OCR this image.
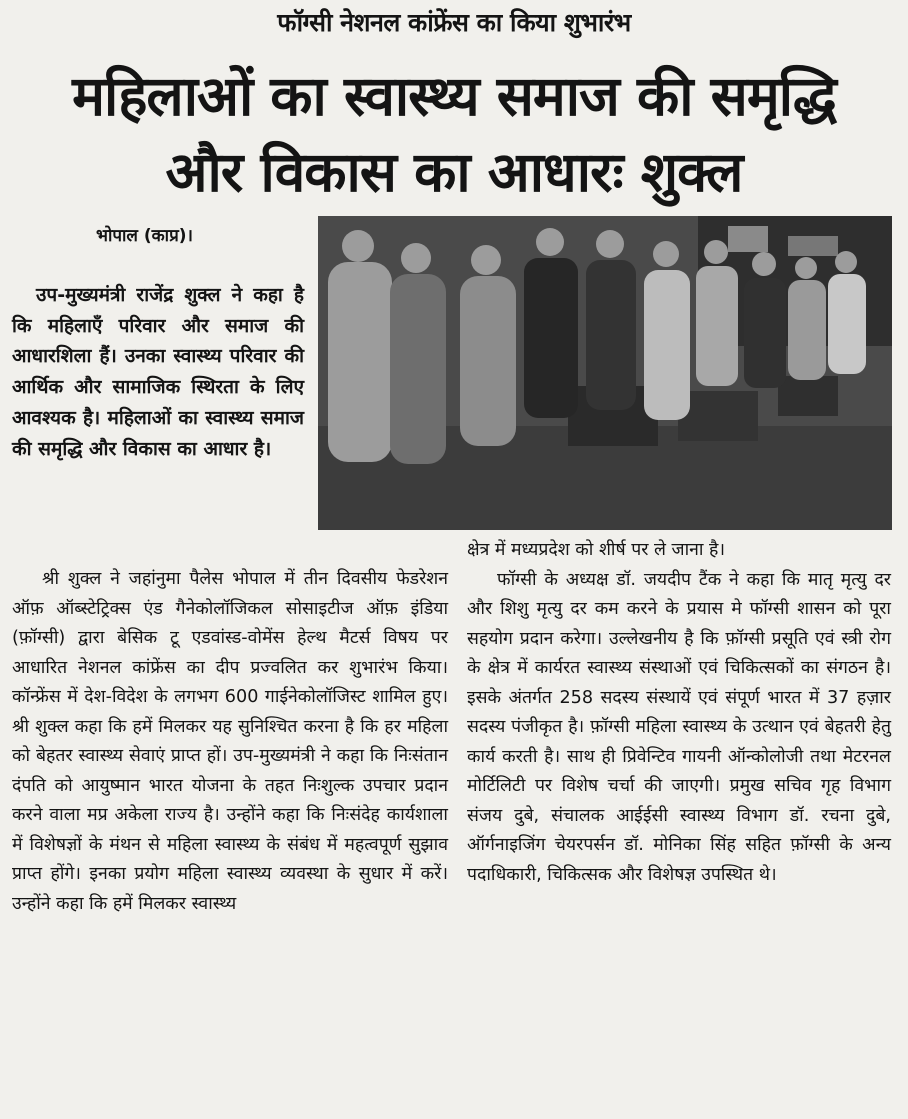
फॉग्सी नेशनल कांफ्रेंस का किया शुभारंभ
महिलाओं का स्वास्थ्य समाज की समृद्धि
और विकास का आधारः शुक्ल
भोपाल (काप्र)।

उप-मुख्यमंत्री राजेंद्र शुक्ल ने कहा है कि महिलाएँ परिवार और समाज की आधारशिला हैं। उनका स्वास्थ्य परिवार की आर्थिक और सामाजिक स्थिरता के लिए आवश्यक है। महिलाओं का स्वास्थ्य समाज की समृद्धि और विकास का आधार है।

श्री शुक्ल ने जहांनुमा पैलेस भोपाल में तीन दिवसीय फेडरेशन ऑफ़ ऑब्स्टेट्रिक्स एंड गैनेकोलॉजिकल सोसाइटीज ऑफ़ इंडिया (फ़ॉग्सी) द्वारा बेसिक टू एडवांस्ड-वोमेंस हेल्थ मैटर्स विषय पर आधारित नेशनल कांफ्रेंस का दीप प्रज्वलित कर शुभारंभ किया। कॉन्फ्रेंस में देश-विदेश के लगभग 600 गाईनेकोलॉजिस्ट शामिल हुए। श्री शुक्ल कहा कि हमें मिलकर यह सुनिश्चित करना है कि हर महिला को बेहतर स्वास्थ्य सेवाएं प्राप्त हों। उप-मुख्यमंत्री ने कहा कि निःसंतान दंपति को आयुष्मान भारत योजना के तहत निःशुल्क उपचार प्रदान करने वाला मप्र अकेला राज्य है। उन्होंने कहा कि निःसंदेह कार्यशाला में विशेषज्ञों के मंथन से महिला स्वास्थ्य के संबंध में महत्वपूर्ण सुझाव प्राप्त होंगे। इनका प्रयोग महिला स्वास्थ्य व्यवस्था के सुधार में करें। उन्होंने कहा कि हमें मिलकर स्वास्थ्य

क्षेत्र में मध्यप्रदेश को शीर्ष पर ले जाना है।

फॉग्सी के अध्यक्ष डॉ. जयदीप टैंक ने कहा कि मातृ मृत्यु दर और शिशु मृत्यु दर कम करने के प्रयास मे फॉग्सी शासन को पूरा सहयोग प्रदान करेगा। उल्लेखनीय है कि फ़ॉग्सी प्रसूति एवं स्त्री रोग के क्षेत्र में कार्यरत स्वास्थ्य संस्थाओं एवं चिकित्सकों का संगठन है। इसके अंतर्गत 258 सदस्य संस्थायें एवं संपूर्ण भारत में 37 हज़ार सदस्य पंजीकृत है। फ़ॉग्सी महिला स्वास्थ्य के उत्थान एवं बेहतरी हेतु कार्य करती है। साथ ही प्रिवेन्टिव गायनी ऑन्कोलोजी तथा मेटरनल मोर्टिलिटी पर विशेष चर्चा की जाएगी। प्रमुख सचिव गृह विभाग संजय दुबे, संचालक आईईसी स्वास्थ्य विभाग डॉ. रचना दुबे, ऑर्गनाइजिंग चेयरपर्सन डॉ. मोनिका सिंह सहित फ़ॉग्सी के अन्य पदाधिकारी, चिकित्सक और विशेषज्ञ उपस्थित थे।
